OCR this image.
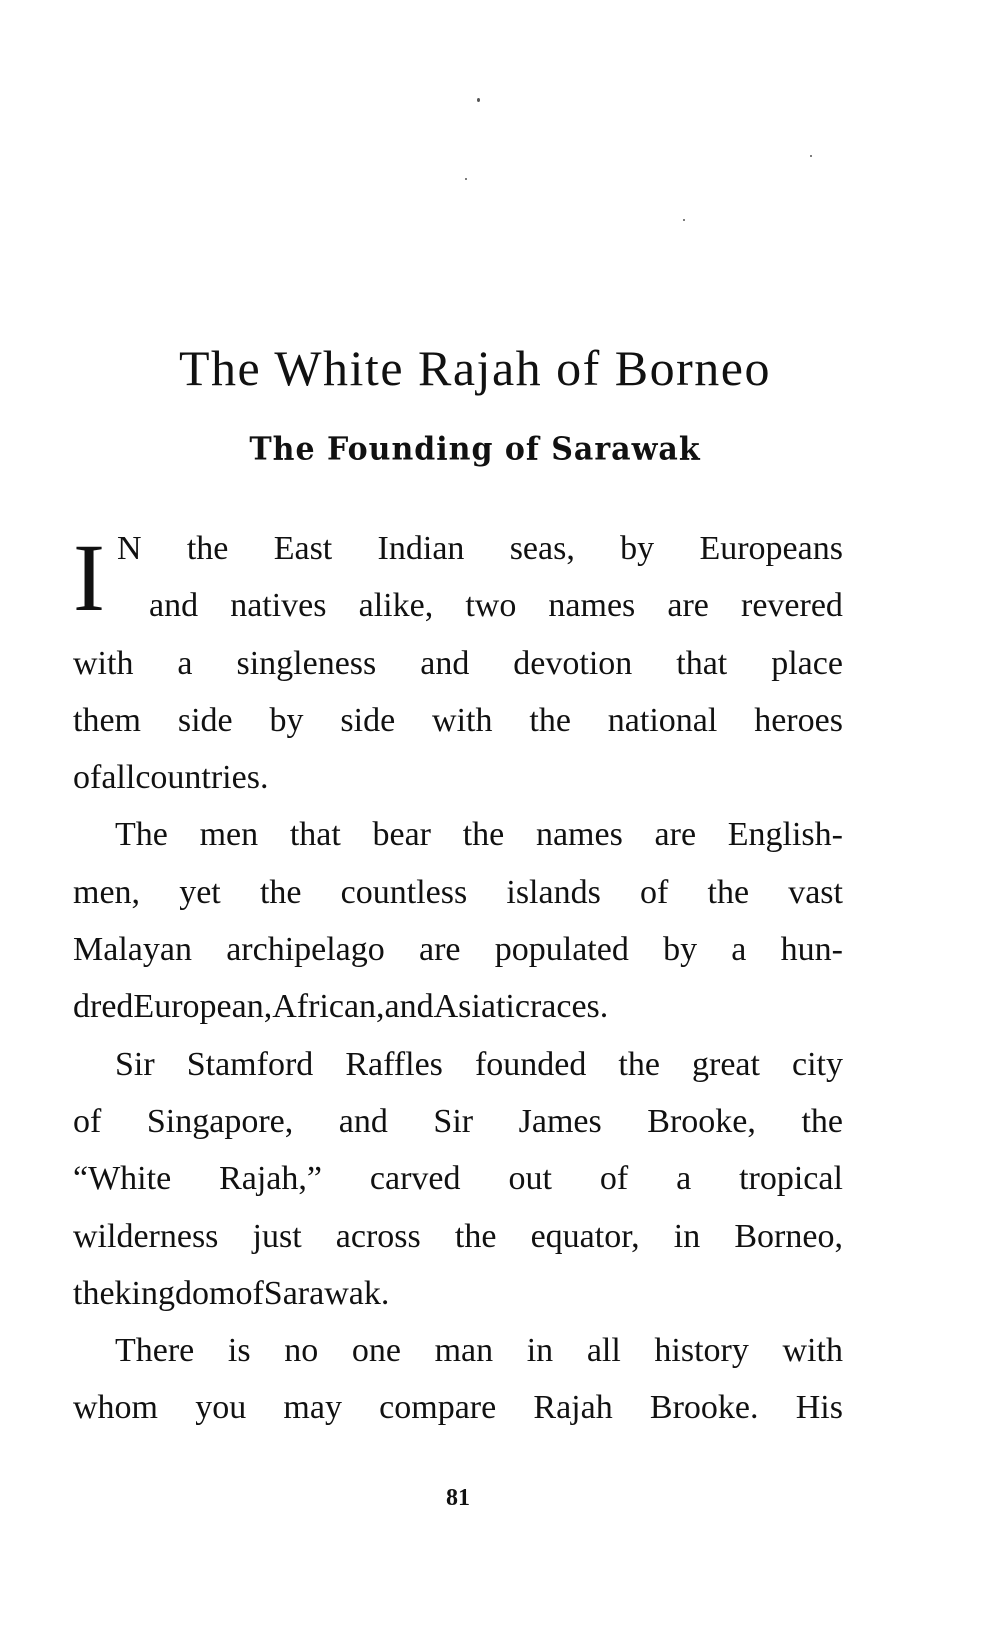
The White Rajah of Borneo
The Founding of Sarawak
I N the East Indian seas, by Europeans
and natives alike, two names are revered
with a singleness and devotion that place
them side by side with the national heroes
of all countries.
The men that bear the names are English-
men, yet the countless islands of the vast
Malayan archipelago are populated by a hun-
dred European, African, and Asiatic races.
Sir Stamford Raffles founded the great city
of Singapore, and Sir James Brooke, the
“White Rajah,” carved out of a tropical
wilderness just across the equator, in Borneo,
the kingdom of Sarawak.
There is no one man in all history with
whom you may compare Rajah Brooke. His
81
